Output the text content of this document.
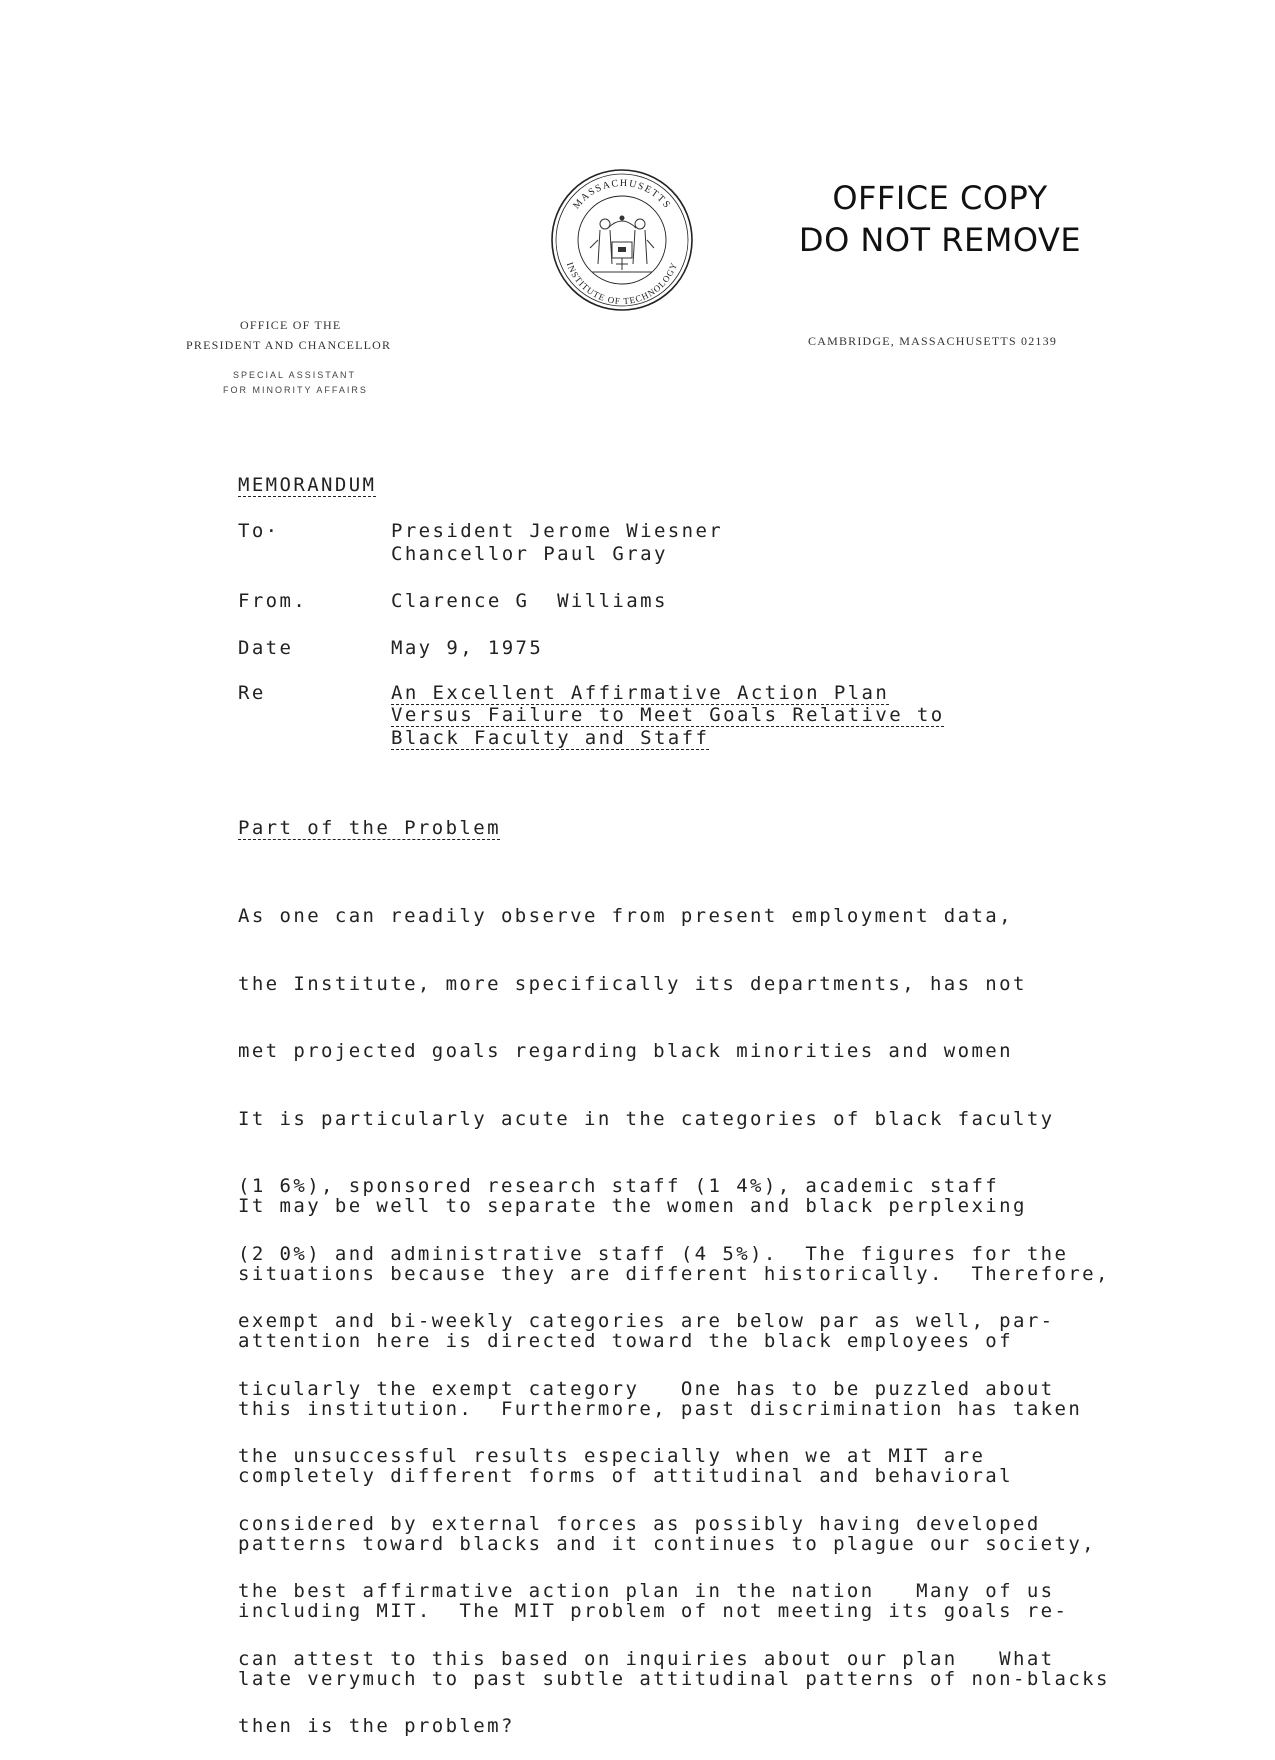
MASSACHUSETTS
INSTITUTE OF TECHNOLOGY
OFFICE COPY
DO NOT REMOVE
OFFICE OF THE
PRESIDENT AND CHANCELLOR
SPECIAL ASSISTANT
FOR MINORITY AFFAIRS
CAMBRIDGE, MASSACHUSETTS 02139
MEMORANDUM
To·	President Jerome Wiesner
Chancellor Paul Gray
From.	Clarence G  Williams
Date	May 9, 1975
Re	An Excellent Affirmative Action Plan
Versus Failure to Meet Goals Relative to
Black Faculty and Staff
Part of the Problem

As one can readily observe from present employment data,

the Institute, more specifically its departments, has not

met projected goals regarding black minorities and women

It is particularly acute in the categories of black faculty

(1 6%), sponsored research staff (1 4%), academic staff

(2 0%) and administrative staff (4 5%).  The figures for the

exempt and bi-weekly categories are below par as well, par-

ticularly the exempt category   One has to be puzzled about

the unsuccessful results especially when we at MIT are

considered by external forces as possibly having developed

the best affirmative action plan in the nation   Many of us

can attest to this based on inquiries about our plan   What

then is the problem?

It may be well to separate the women and black perplexing

situations because they are different historically.  Therefore,

attention here is directed toward the black employees of

this institution.  Furthermore, past discrimination has taken

completely different forms of attitudinal and behavioral

patterns toward blacks and it continues to plague our society,

including MIT.  The MIT problem of not meeting its goals re-

late verymuch to past subtle attitudinal patterns of non-blacks
